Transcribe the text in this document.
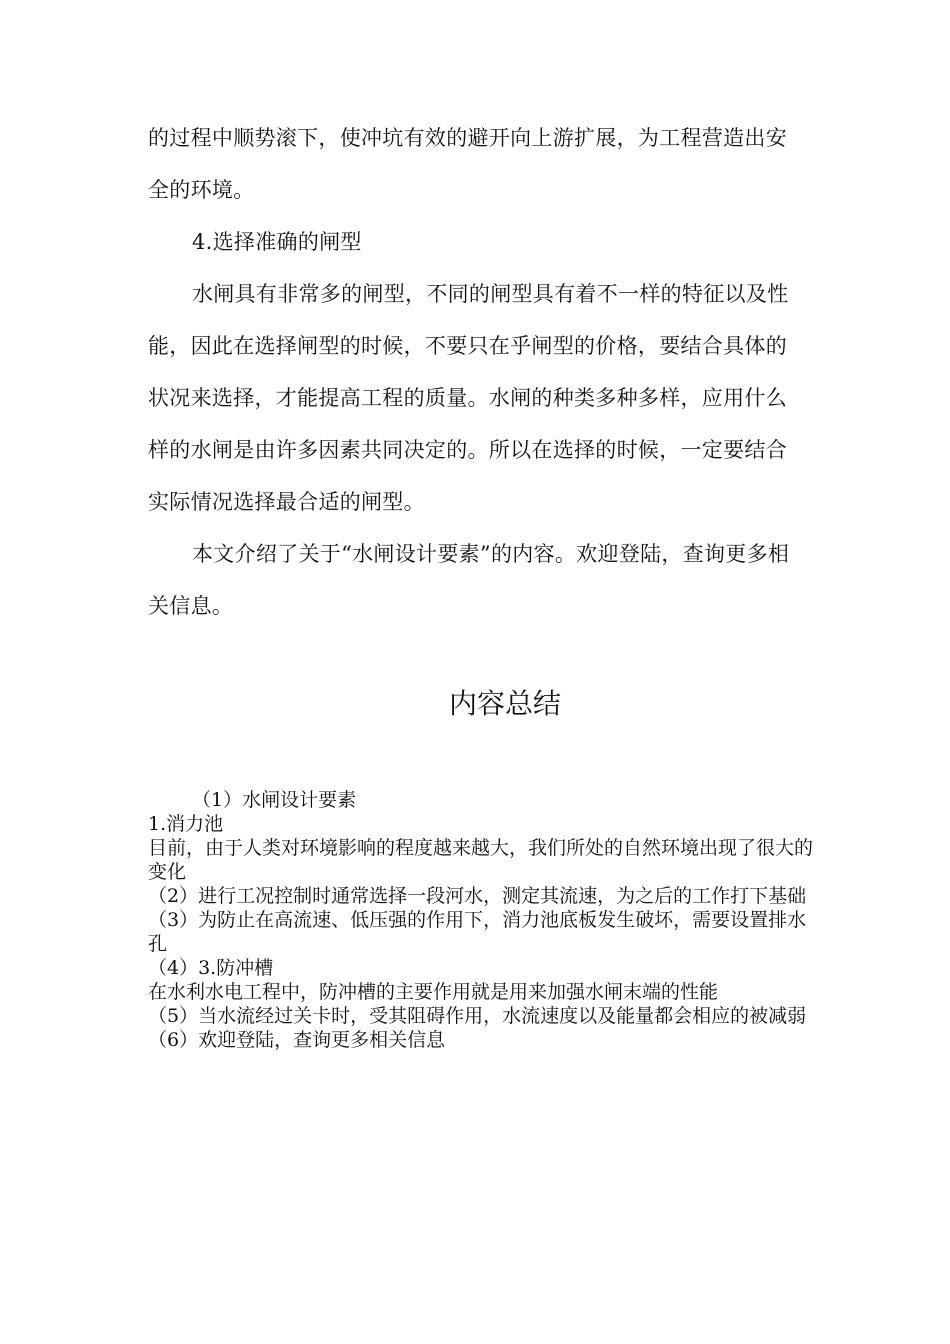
的过程中顺势滚下，使冲坑有效的避开向上游扩展，为工程营造出安全的环境。

4.选择准确的闸型

水闸具有非常多的闸型，不同的闸型具有着不一样的特征以及性能，因此在选择闸型的时候，不要只在乎闸型的价格，要结合具体的状况来选择，才能提高工程的质量。水闸的种类多种多样，应用什么样的水闸是由许多因素共同决定的。所以在选择的时候，一定要结合实际情况选择最合适的闸型。

本文介绍了关于“水闸设计要素”的内容。欢迎登陆，查询更多相关信息。

内容总结

（1）水闸设计要素

1.消力池

目前，由于人类对环境影响的程度越来越大，我们所处的自然环境出现了很大的变化

（2）进行工况控制时通常选择一段河水，测定其流速，为之后的工作打下基础

（3）为防止在高流速、低压强的作用下，消力池底板发生破坏，需要设置排水孔

（4）3.防冲槽

在水利水电工程中，防冲槽的主要作用就是用来加强水闸末端的性能

（5）当水流经过关卡时，受其阻碍作用，水流速度以及能量都会相应的被减弱

（6）欢迎登陆，查询更多相关信息
